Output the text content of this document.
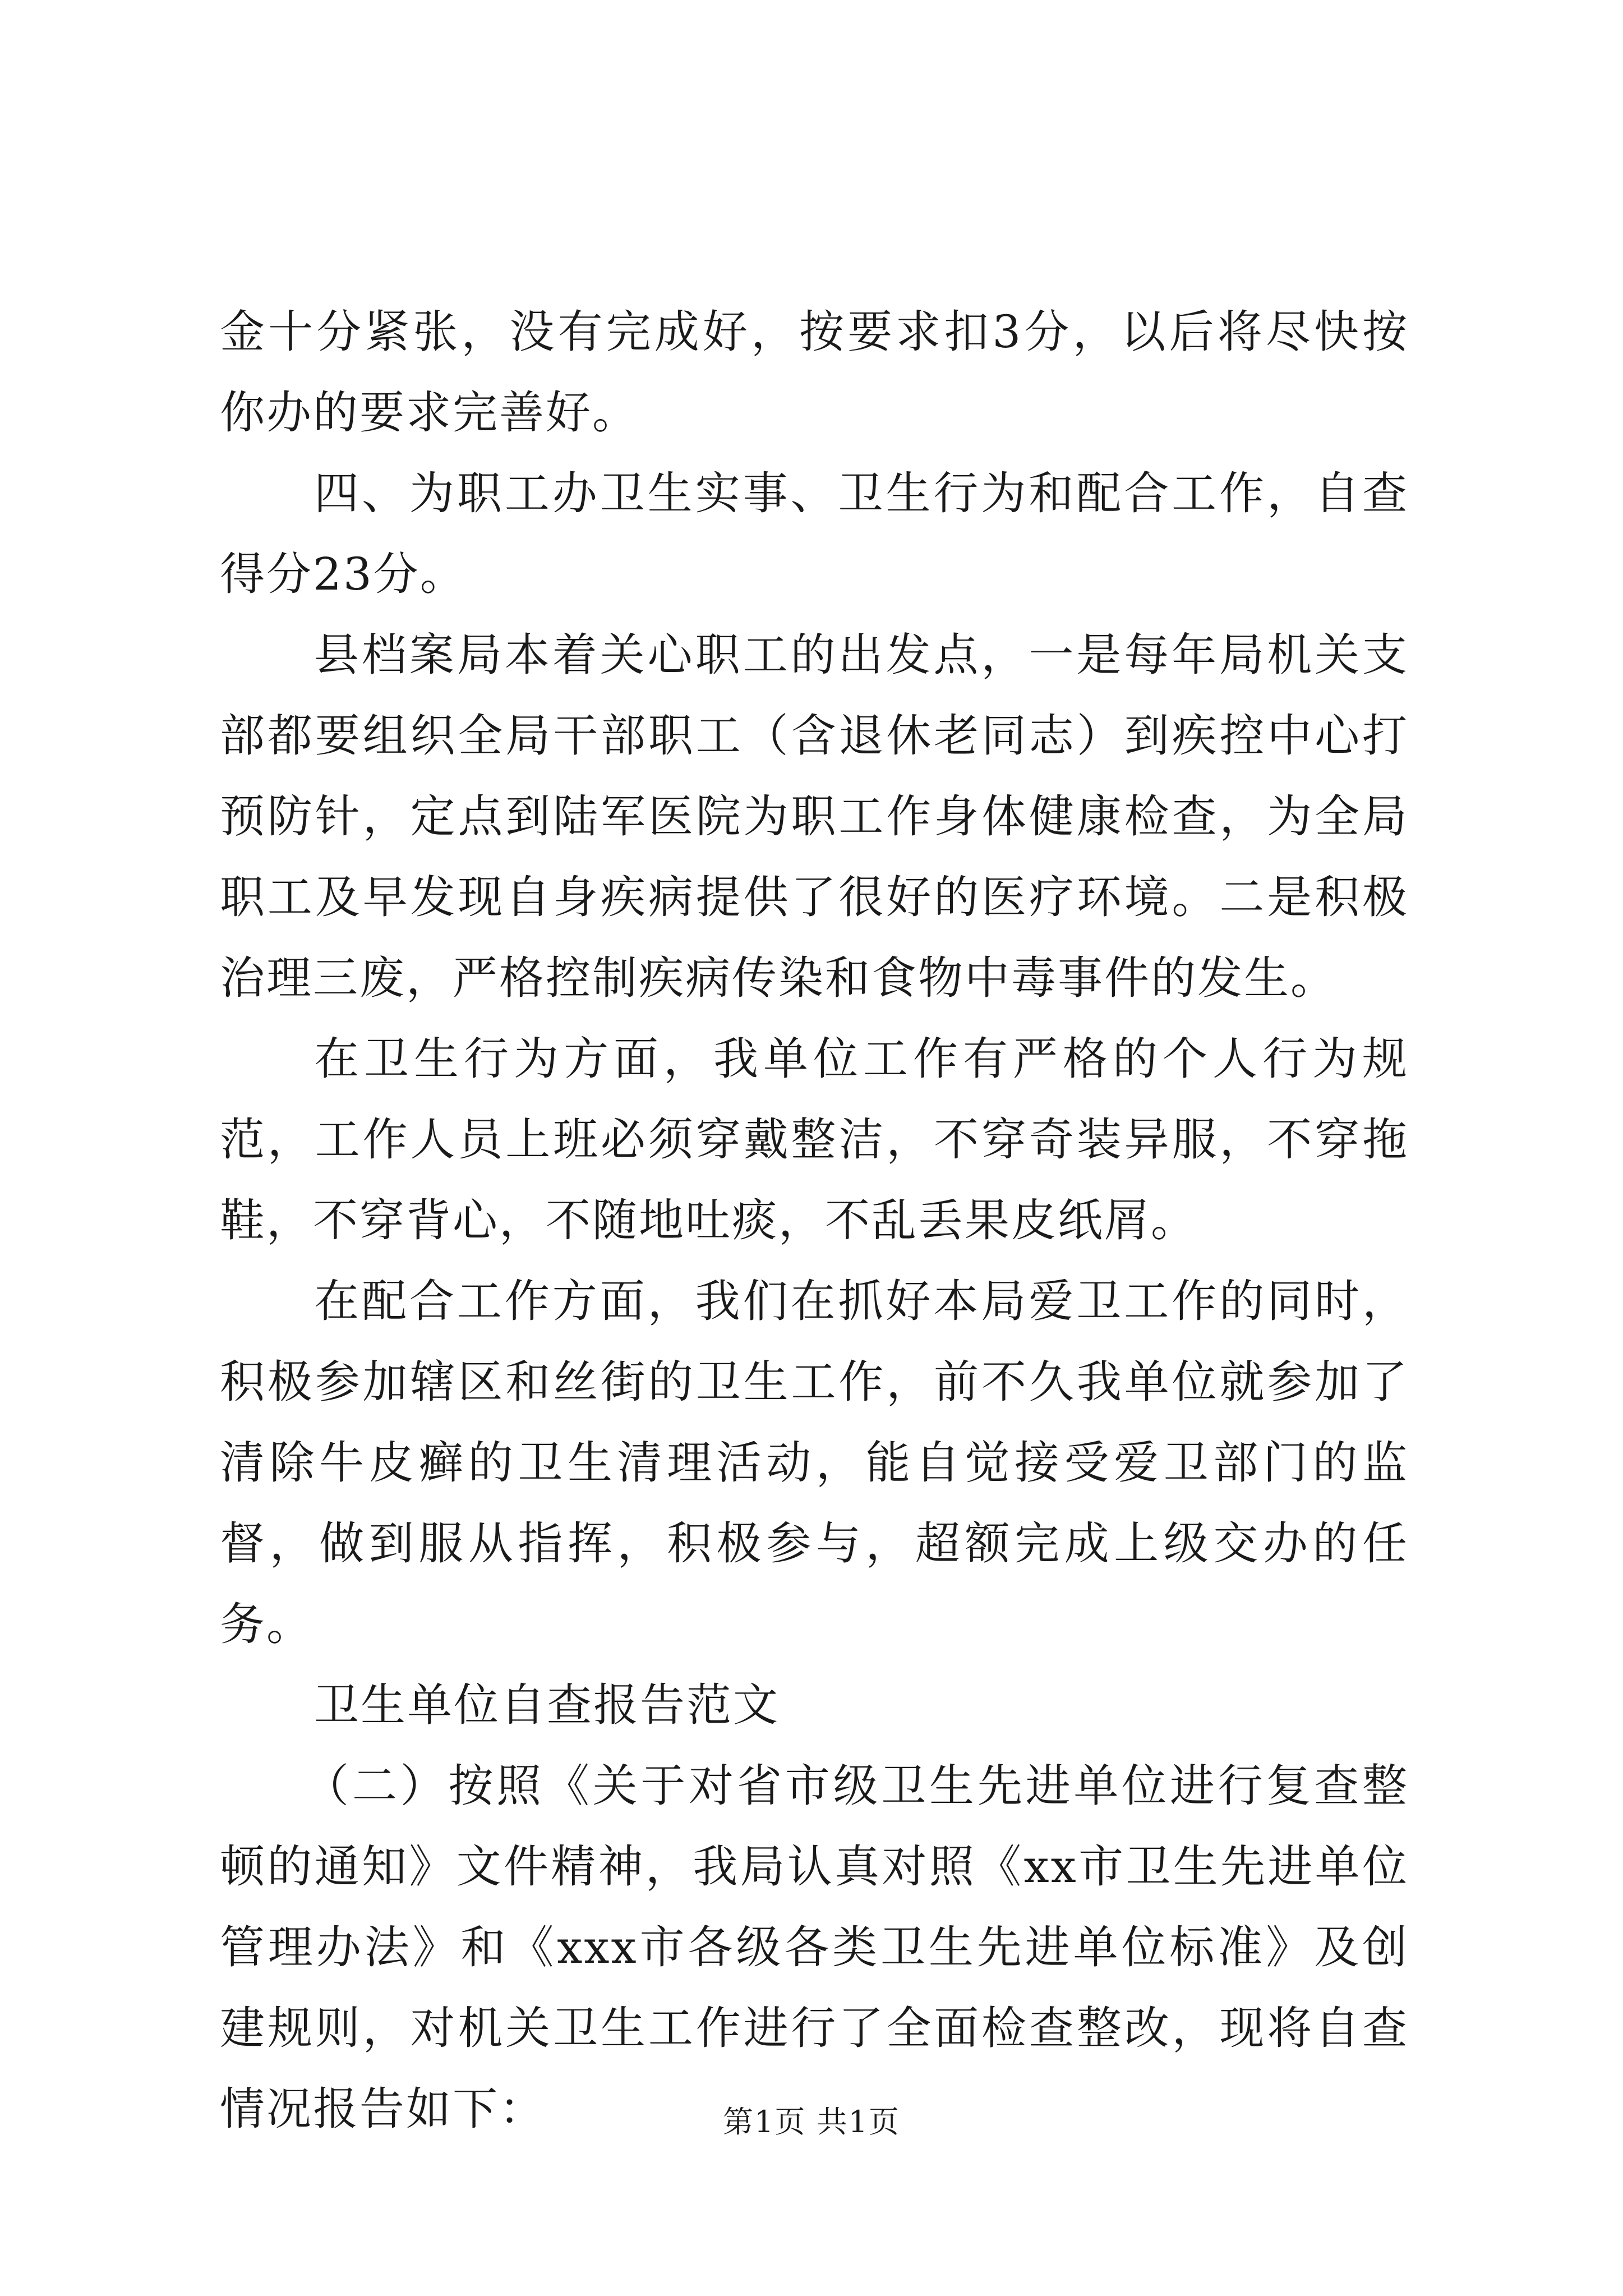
金十分紧张，没有完成好，按要求扣3分，以后将尽快按你办的要求完善好。

四、为职工办卫生实事、卫生行为和配合工作，自查得分23分。

县档案局本着关心职工的出发点，一是每年局机关支部都要组织全局干部职工（含退休老同志）到疾控中心打预防针，定点到陆军医院为职工作身体健康检查，为全局职工及早发现自身疾病提供了很好的医疗环境。二是积极治理三废，严格控制疾病传染和食物中毒事件的发生。

在卫生行为方面，我单位工作有严格的个人行为规范，工作人员上班必须穿戴整洁，不穿奇装异服，不穿拖鞋，不穿背心，不随地吐痰，不乱丢果皮纸屑。

在配合工作方面，我们在抓好本局爱卫工作的同时，积极参加辖区和丝街的卫生工作，前不久我单位就参加了清除牛皮癣的卫生清理活动，能自觉接受爱卫部门的监督，做到服从指挥，积极参与，超额完成上级交办的任务。

卫生单位自查报告范文

（二）按照《关于对省市级卫生先进单位进行复查整顿的通知》文件精神，我局认真对照《xx市卫生先进单位管理办法》和《xxx市各级各类卫生先进单位标准》及创建规则，对机关卫生工作进行了全面检查整改，现将自查情况报告如下：	第1页 共1页
